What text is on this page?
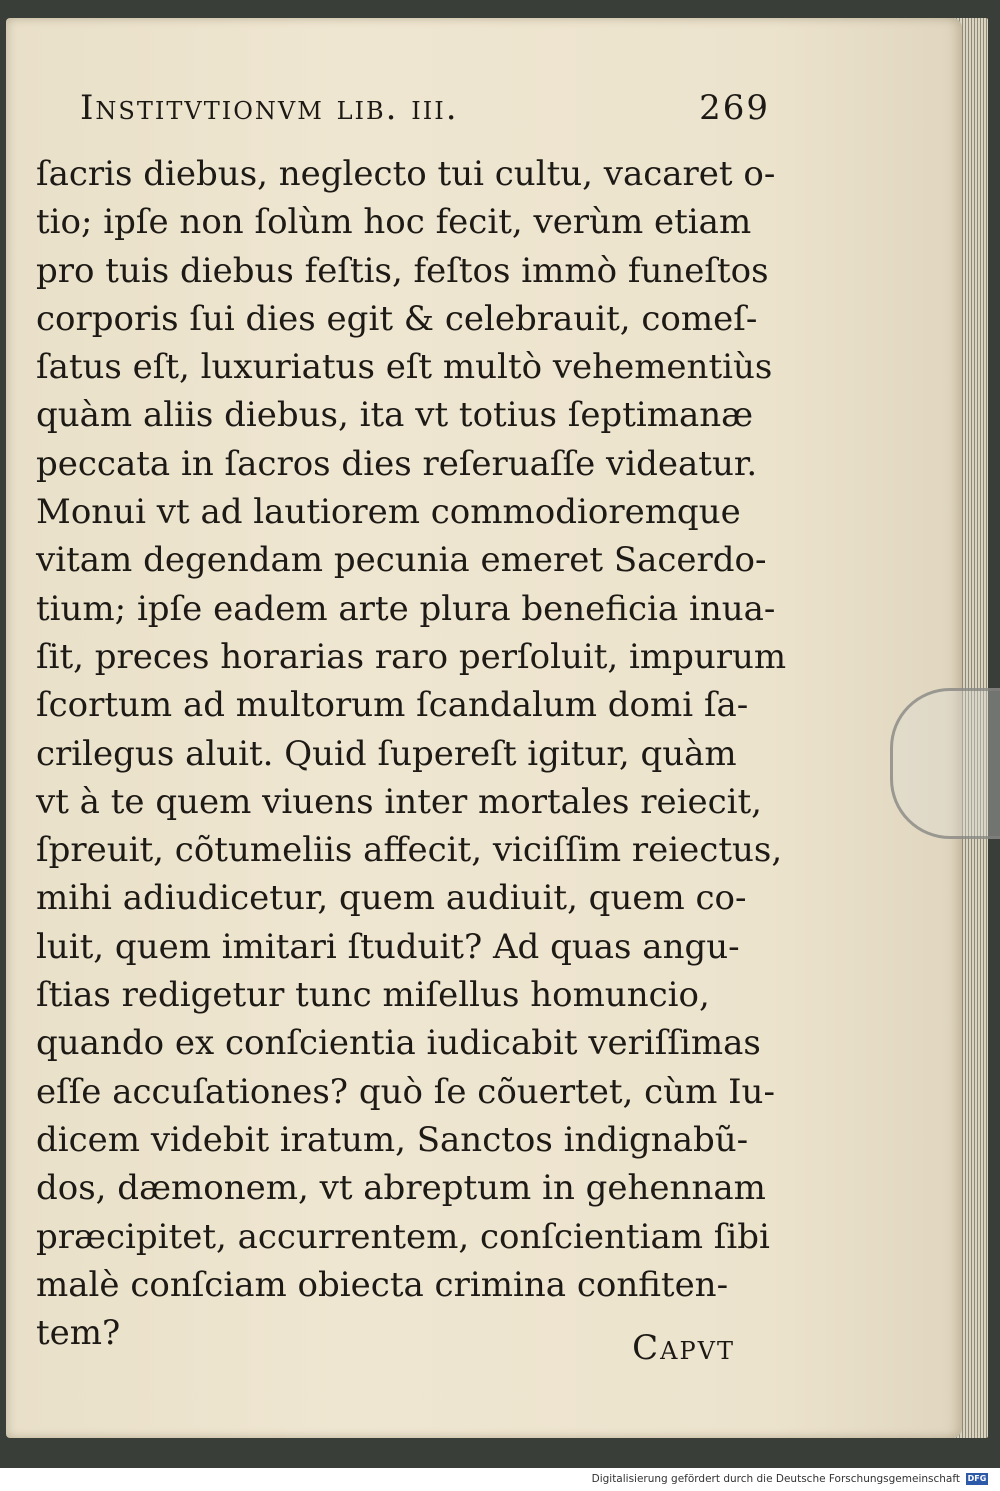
Institvtionvm lib. iii.	269
ſacris diebus, neglecto tui cultu, vacaret o-
tio; ipſe non ſolùm hoc fecit, verùm etiam
pro tuis diebus feſtis, feſtos immò funeſtos
corporis ſui dies egit & celebrauit, comeſ-
ſatus eſt, luxuriatus eſt multò vehementiùs
quàm aliis diebus, ita vt totius ſeptimanæ
peccata in ſacros dies reſeruaſſe videatur.
Monui vt ad lautiorem commodioremque
vitam degendam pecunia emeret Sacerdo-
tium; ipſe eadem arte plura beneficia inua-
ſit, preces horarias raro perſoluit, impurum
ſcortum ad multorum ſcandalum domi ſa-
crilegus aluit. Quid ſupereſt igitur, quàm
vt à te quem viuens inter mortales reiecit,
ſpreuit, cõtumeliis affecit, viciſſim reiectus,
mihi adiudicetur, quem audiuit, quem co-
luit, quem imitari ſtuduit? Ad quas angu-
ſtias redigetur tunc miſellus homuncio,
quando ex conſcientia iudicabit veriſſimas
eſſe accuſationes? quò ſe cõuertet, cùm Iu-
dicem videbit iratum, Sanctos indignabũ-
dos, dæmonem, vt abreptum in gehennam
præcipitet, accurrentem, conſcientiam ſibi
malè conſciam obiecta crimina confiten-
tem?	Capvt
Digitalisierung gefördert durch die Deutsche Forschungsgemeinschaft DFG
